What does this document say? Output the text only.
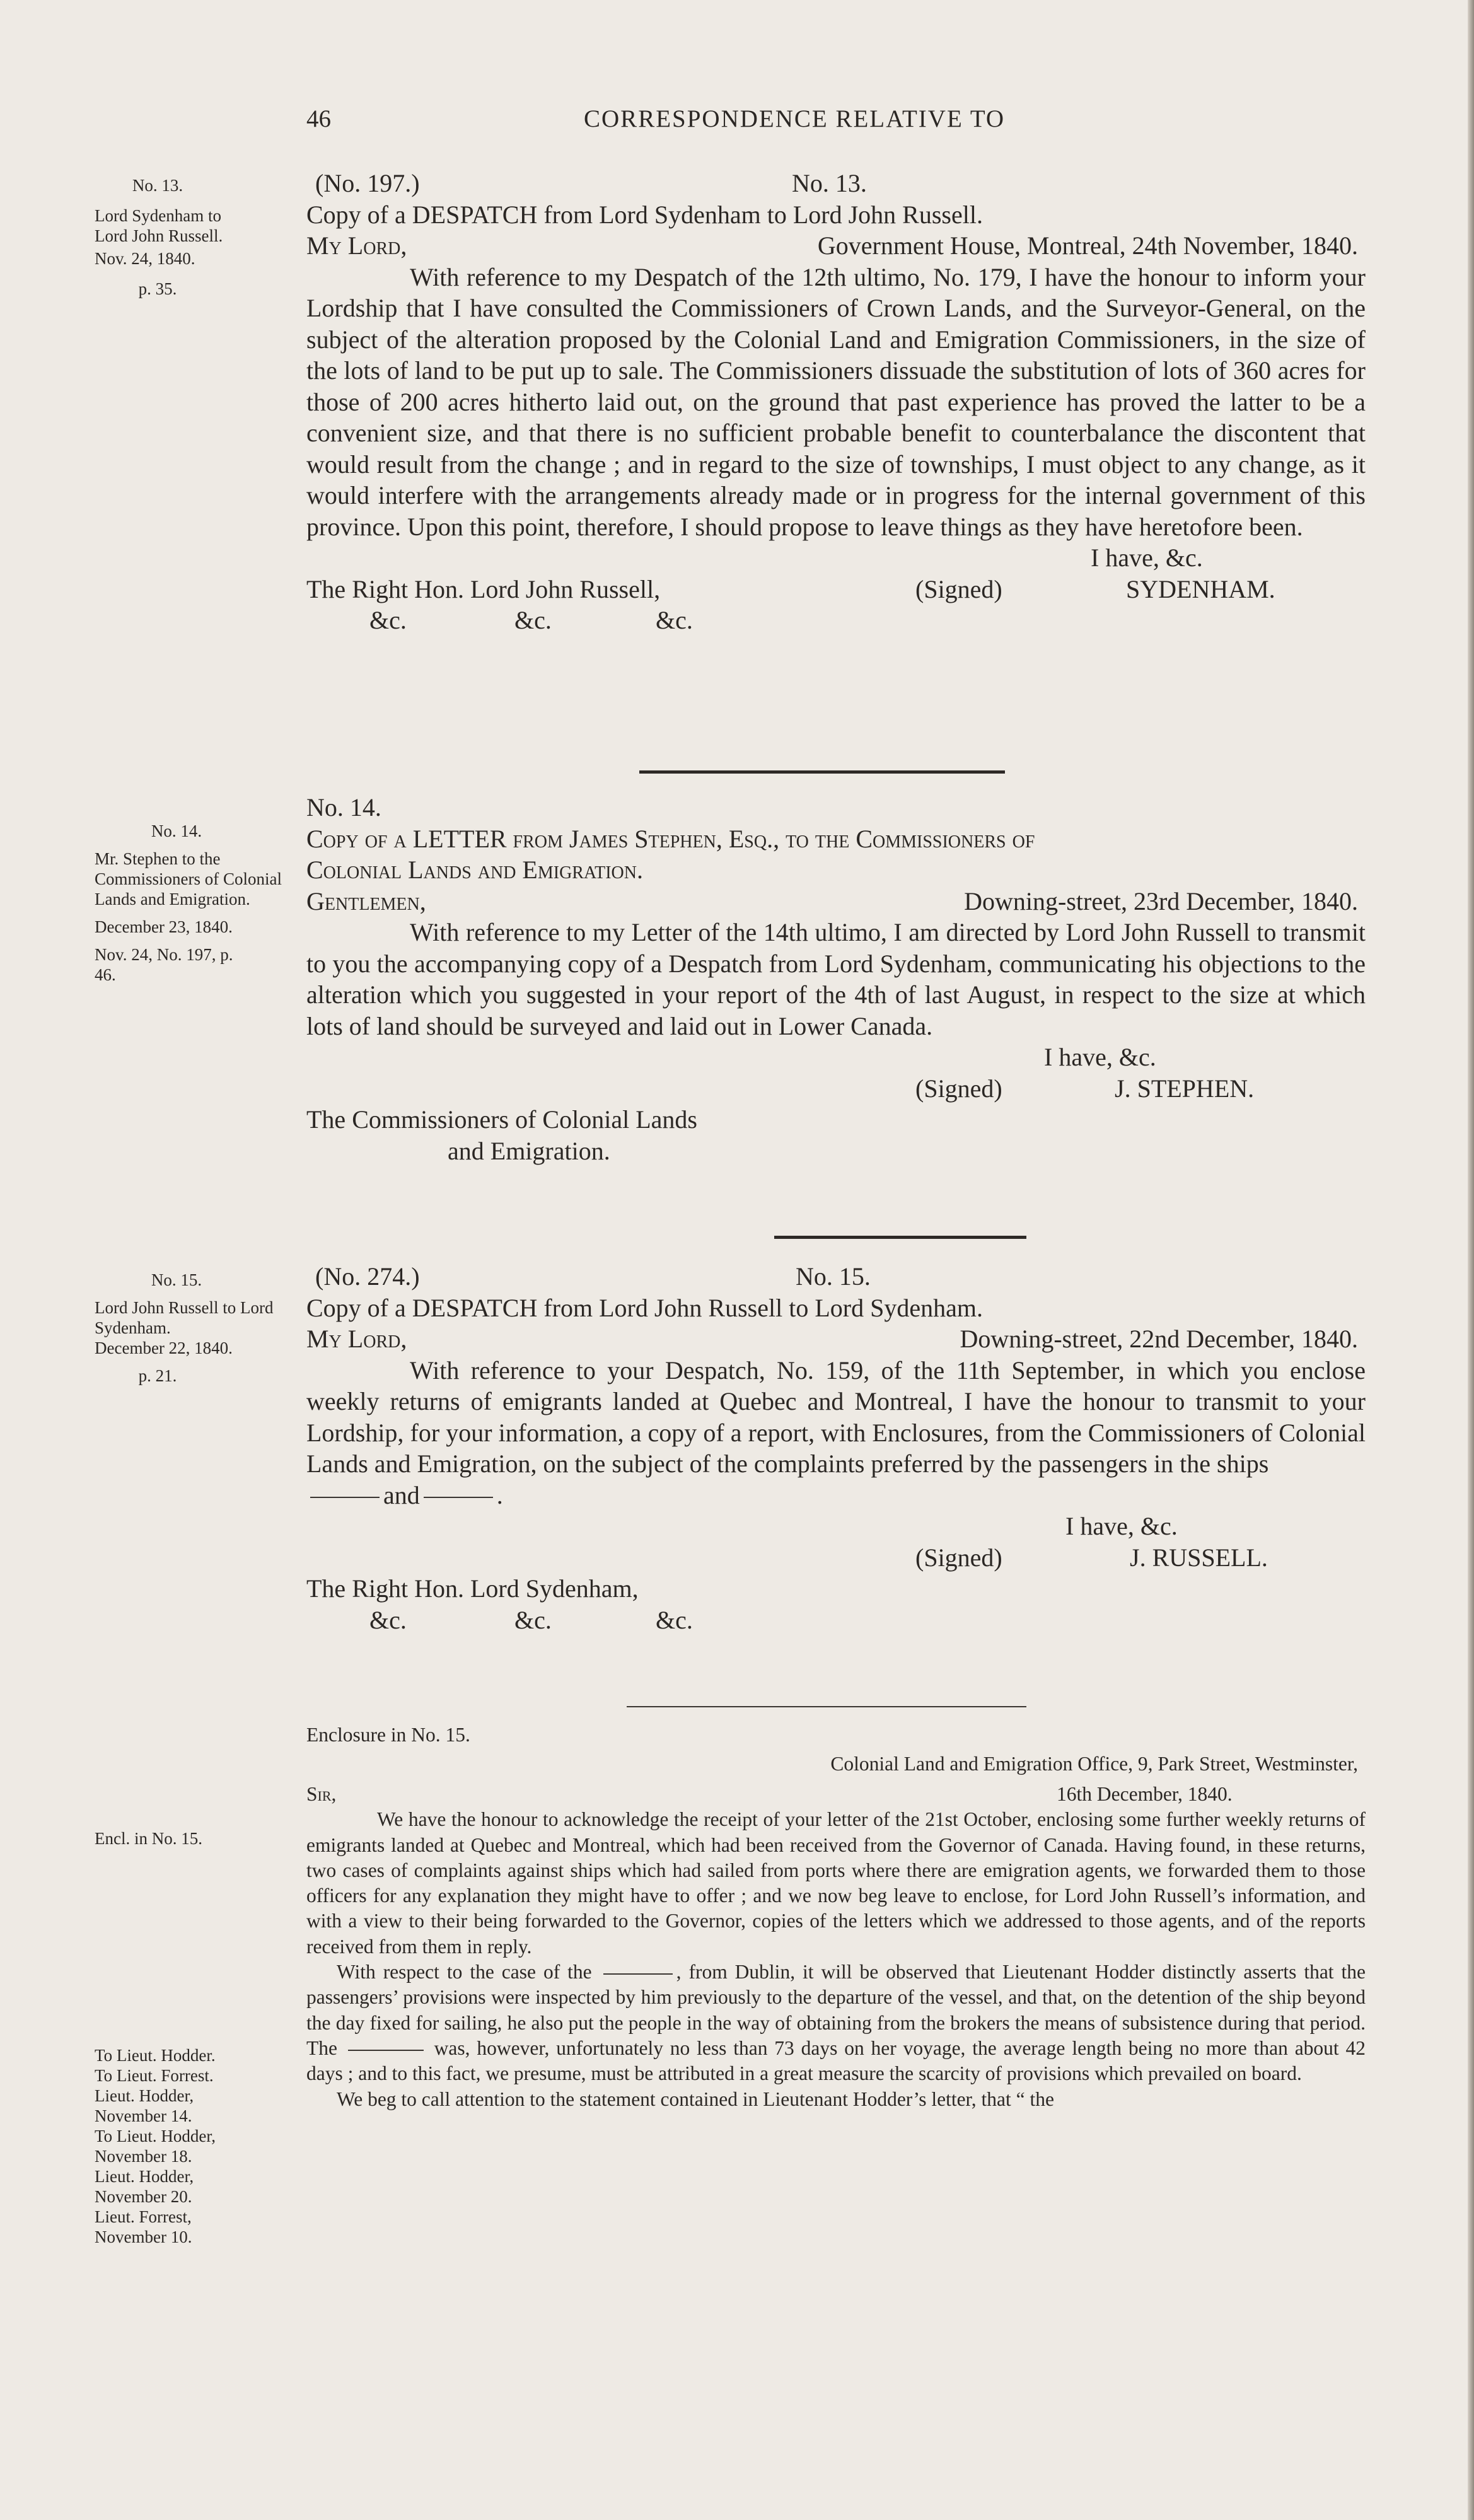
46	CORRESPONDENCE RELATIVE TO
No. 13.
Lord Sydenham to Lord John Russell.
Nov. 24, 1840.
p. 35.
(No. 197.)	No. 13.

Copy of a DESPATCH from Lord Sydenham to Lord John Russell.

My Lord,	Government House, Montreal, 24th November, 1840.

With reference to my Despatch of the 12th ultimo, No. 179, I have the honour to inform your Lordship that I have consulted the Commissioners of Crown Lands, and the Surveyor-General, on the subject of the alteration proposed by the Colonial Land and Emigration Commissioners, in the size of the lots of land to be put up to sale. The Commissioners dissuade the substitution of lots of 360 acres for those of 200 acres hitherto laid out, on the ground that past experience has proved the latter to be a convenient size, and that there is no sufficient probable benefit to counterbalance the discontent that would result from the change ; and in regard to the size of townships, I must object to any change, as it would interfere with the arrangements already made or in progress for the internal government of this province. Upon this point, therefore, I should propose to leave things as they have heretofore been.

I have, &c.
The Right Hon. Lord John Russell,	(Signed)	SYDENHAM.
&c.	&c.	&c.
No. 14.
Mr. Stephen to the Commissioners of Colonial Lands and Emigration.
December 23, 1840.
Nov. 24, No. 197, p. 46.

No. 14.

Copy of a LETTER from James Stephen, Esq., to the Commissioners of

Colonial Lands and Emigration.

Gentlemen,	Downing-street, 23rd December, 1840.

With reference to my Letter of the 14th ultimo, I am directed by Lord John Russell to transmit to you the accompanying copy of a Despatch from Lord Sydenham, communicating his objections to the alteration which you suggested in your report of the 4th of last August, in respect to the size at which lots of land should be surveyed and laid out in Lower Canada.

I have, &c.
(Signed)	J. STEPHEN.
The Commissioners of Colonial Lands
and Emigration.
No. 15.
Lord John Russell to Lord Sydenham.
December 22, 1840.
p. 21.
(No. 274.)	No. 15.

Copy of a DESPATCH from Lord John Russell to Lord Sydenham.

My Lord,	Downing-street, 22nd December, 1840.

With reference to your Despatch, No. 159, of the 11th September, in which you enclose weekly returns of emigrants landed at Quebec and Montreal, I have the honour to transmit to your Lordship, for your information, a copy of a report, with Enclosures, from the Commissioners of Colonial Lands and Emigration, on the subject of the complaints preferred by the passengers in the ships

and	.
I have, &c.
(Signed)	J. RUSSELL.
The Right Hon. Lord Sydenham,
&c.	&c.	&c.
Encl. in No. 15.
To Lieut. Hodder.
To Lieut. Forrest.
Lieut. Hodder, November 14.
To Lieut. Hodder, November 18.
Lieut. Hodder, November 20.
Lieut. Forrest, November 10.

Enclosure in No. 15.

Colonial Land and Emigration Office, 9, Park Street, Westminster,
Sir,	16th December, 1840.

We have the honour to acknowledge the receipt of your letter of the 21st October, enclosing some further weekly returns of emigrants landed at Quebec and Montreal, which had been received from the Governor of Canada. Having found, in these returns, two cases of complaints against ships which had sailed from ports where there are emigration agents, we forwarded them to those officers for any explanation they might have to offer ; and we now beg leave to enclose, for Lord John Russell’s information, and with a view to their being forwarded to the Governor, copies of the letters which we addressed to those agents, and of the reports received from them in reply.

With respect to the case of the	, from Dublin, it will be observed that Lieutenant Hodder distinctly asserts that the passengers’ provisions were inspected by him previously to the departure of the vessel, and that, on the detention of the ship beyond the day fixed for sailing, he also put the people in the way of obtaining from the brokers the means of subsistence during that period. The	was, however, unfortunately no less than 73 days on her voyage, the average length being no more than about 42 days ; and to this fact, we presume, must be attributed in a great measure the scarcity of provisions which prevailed on board.

We beg to call attention to the statement contained in Lieutenant Hodder’s letter, that “ the
